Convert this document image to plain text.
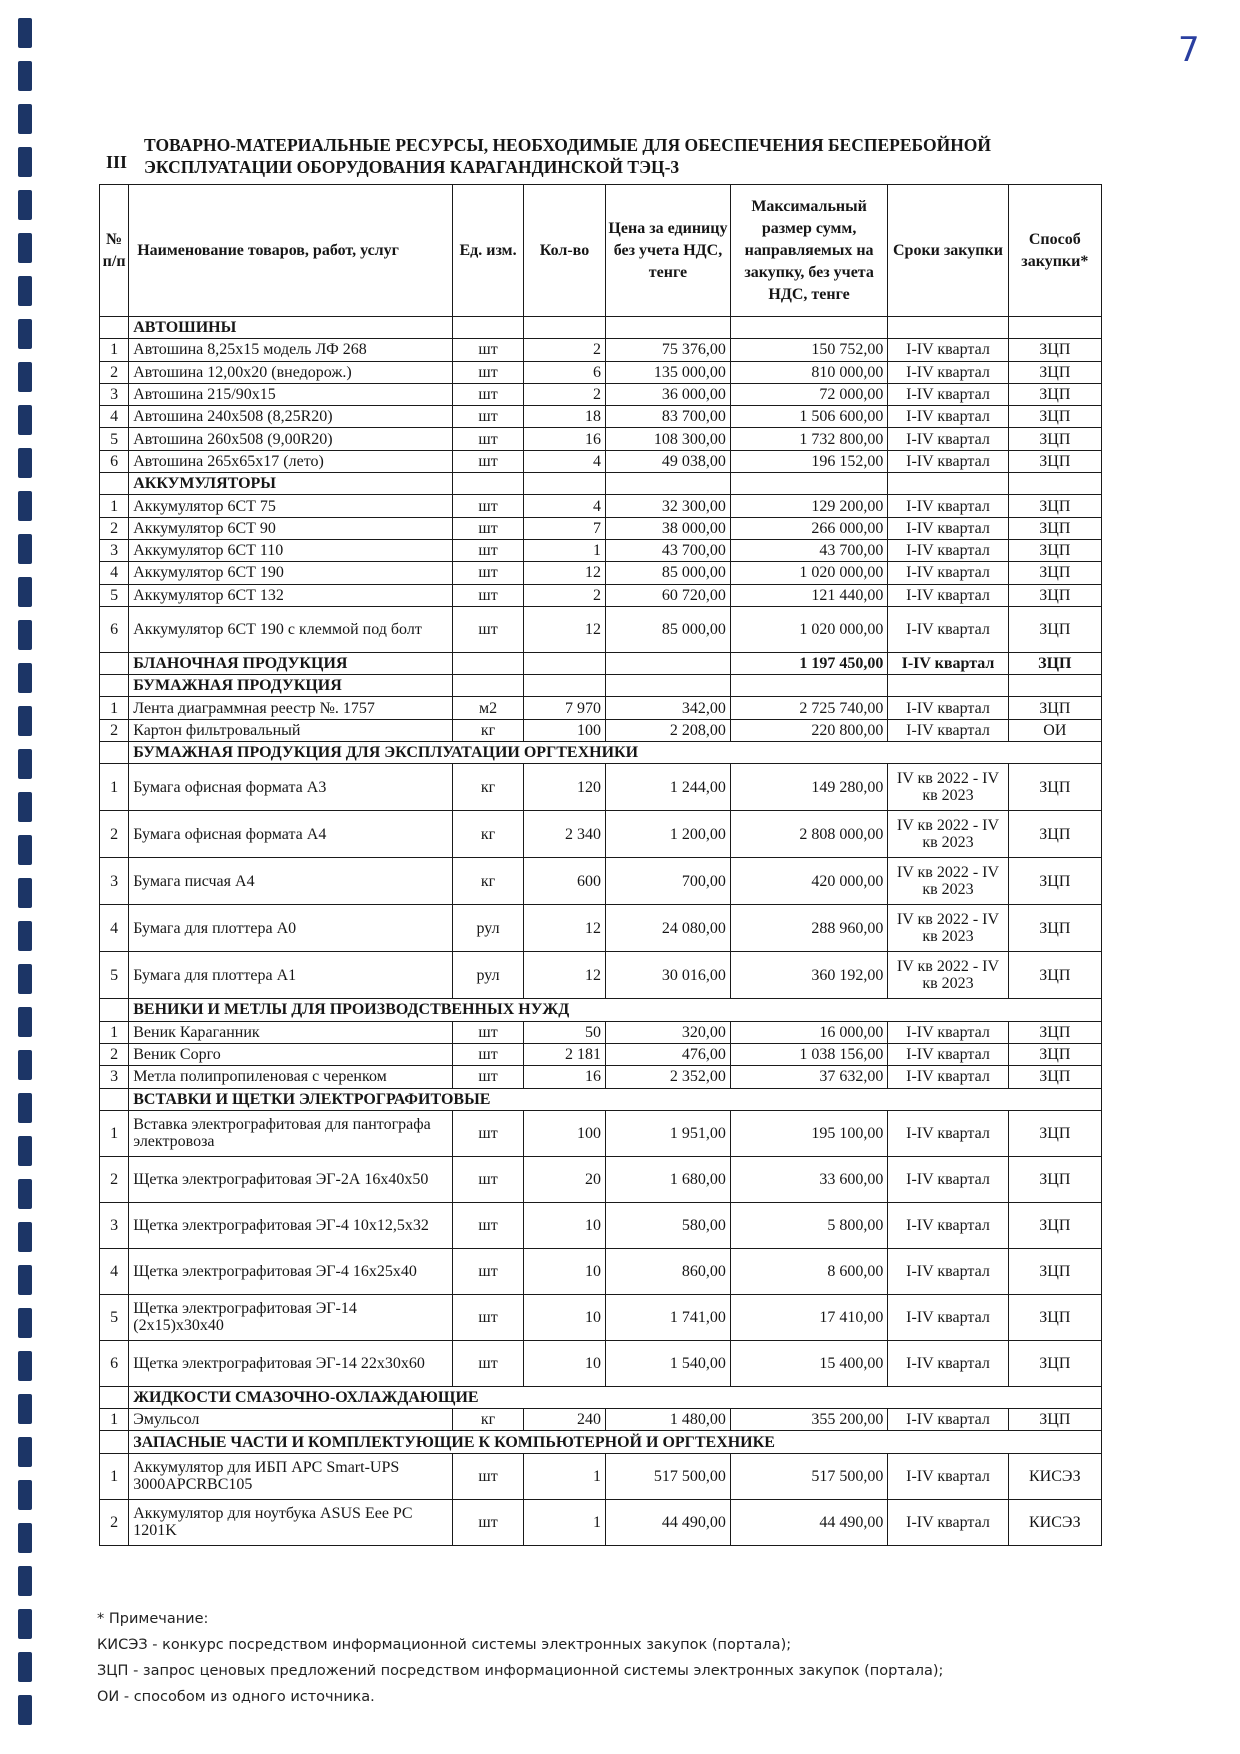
7
III
ТОВАРНО-МАТЕРИАЛЬНЫЕ РЕСУРСЫ, НЕОБХОДИМЫЕ ДЛЯ ОБЕСПЕЧЕНИЯ БЕСПЕРЕБОЙНОЙ ЭКСПЛУАТАЦИИ ОБОРУДОВАНИЯ КАРАГАНДИНСКОЙ ТЭЦ-3
№ п/п	Наименование товаров, работ, услуг	Ед. изм.	Кол-во	Цена за единицу без учета НДС, тенге	Максимальный размер сумм, направляемых на закупку, без учета НДС, тенге	Сроки закупки	Способ закупки*
	АВТОШИНЫ						
1	Автошина 8,25x15 модель ЛФ 268	шт	2	75 376,00	150 752,00	I-IV квартал	ЗЦП
2	Автошина 12,00x20 (внедорож.)	шт	6	135 000,00	810 000,00	I-IV квартал	ЗЦП
3	Автошина 215/90x15	шт	2	36 000,00	72 000,00	I-IV квартал	ЗЦП
4	Автошина 240x508 (8,25R20)	шт	18	83 700,00	1 506 600,00	I-IV квартал	ЗЦП
5	Автошина 260x508 (9,00R20)	шт	16	108 300,00	1 732 800,00	I-IV квартал	ЗЦП
6	Автошина 265x65x17 (лето)	шт	4	49 038,00	196 152,00	I-IV квартал	ЗЦП
	АККУМУЛЯТОРЫ						
1	Аккумулятор 6СТ 75	шт	4	32 300,00	129 200,00	I-IV квартал	ЗЦП
2	Аккумулятор 6СТ 90	шт	7	38 000,00	266 000,00	I-IV квартал	ЗЦП
3	Аккумулятор 6СТ 110	шт	1	43 700,00	43 700,00	I-IV квартал	ЗЦП
4	Аккумулятор 6СТ 190	шт	12	85 000,00	1 020 000,00	I-IV квартал	ЗЦП
5	Аккумулятор 6СТ 132	шт	2	60 720,00	121 440,00	I-IV квартал	ЗЦП
6	Аккумулятор 6СТ 190 с клеммой под болт	шт	12	85 000,00	1 020 000,00	I-IV квартал	ЗЦП
	БЛАНОЧНАЯ ПРОДУКЦИЯ				1 197 450,00	I-IV квартал	ЗЦП
	БУМАЖНАЯ ПРОДУКЦИЯ						
1	Лента диаграммная реестр №. 1757	м2	7 970	342,00	2 725 740,00	I-IV квартал	ЗЦП
2	Картон фильтровальный	кг	100	2 208,00	220 800,00	I-IV квартал	ОИ
	БУМАЖНАЯ ПРОДУКЦИЯ ДЛЯ ЭКСПЛУАТАЦИИ ОРГТЕХНИКИ						
1	Бумага офисная формата А3	кг	120	1 244,00	149 280,00	IV кв 2022 - IV кв 2023	ЗЦП
2	Бумага офисная формата А4	кг	2 340	1 200,00	2 808 000,00	IV кв 2022 - IV кв 2023	ЗЦП
3	Бумага писчая А4	кг	600	700,00	420 000,00	IV кв 2022 - IV кв 2023	ЗЦП
4	Бумага для плоттера А0	рул	12	24 080,00	288 960,00	IV кв 2022 - IV кв 2023	ЗЦП
5	Бумага для плоттера А1	рул	12	30 016,00	360 192,00	IV кв 2022 - IV кв 2023	ЗЦП
	ВЕНИКИ И МЕТЛЫ ДЛЯ ПРОИЗВОДСТВЕННЫХ НУЖД						
1	Веник Караганник	шт	50	320,00	16 000,00	I-IV квартал	ЗЦП
2	Веник Сорго	шт	2 181	476,00	1 038 156,00	I-IV квартал	ЗЦП
3	Метла полипропиленовая с черенком	шт	16	2 352,00	37 632,00	I-IV квартал	ЗЦП
	ВСТАВКИ И ЩЕТКИ ЭЛЕКТРОГРАФИТОВЫЕ						
1	Вставка электрографитовая для пантографа электровоза	шт	100	1 951,00	195 100,00	I-IV квартал	ЗЦП
2	Щетка электрографитовая ЭГ-2А 16x40x50	шт	20	1 680,00	33 600,00	I-IV квартал	ЗЦП
3	Щетка электрографитовая ЭГ-4 10x12,5x32	шт	10	580,00	5 800,00	I-IV квартал	ЗЦП
4	Щетка электрографитовая ЭГ-4 16x25x40	шт	10	860,00	8 600,00	I-IV квартал	ЗЦП
5	Щетка электрографитовая ЭГ-14 (2x15)x30x40	шт	10	1 741,00	17 410,00	I-IV квартал	ЗЦП
6	Щетка электрографитовая ЭГ-14 22x30x60	шт	10	1 540,00	15 400,00	I-IV квартал	ЗЦП
	ЖИДКОСТИ СМАЗОЧНО-ОХЛАЖДАЮЩИЕ						
1	Эмульсол	кг	240	1 480,00	355 200,00	I-IV квартал	ЗЦП
	ЗАПАСНЫЕ ЧАСТИ И КОМПЛЕКТУЮЩИЕ К КОМПЬЮТЕРНОЙ И ОРГТЕХНИКЕ						
1	Аккумулятор для ИБП APC Smart-UPS 3000APCRBC105	шт	1	517 500,00	517 500,00	I-IV квартал	КИСЭЗ
2	Аккумулятор для ноутбука ASUS Eee PC 1201K	шт	1	44 490,00	44 490,00	I-IV квартал	КИСЭЗ
* Примечание:
КИСЭЗ - конкурс посредством информационной системы электронных закупок (портала);
ЗЦП - запрос ценовых предложений посредством информационной системы электронных закупок (портала);
ОИ - способом из одного источника.
